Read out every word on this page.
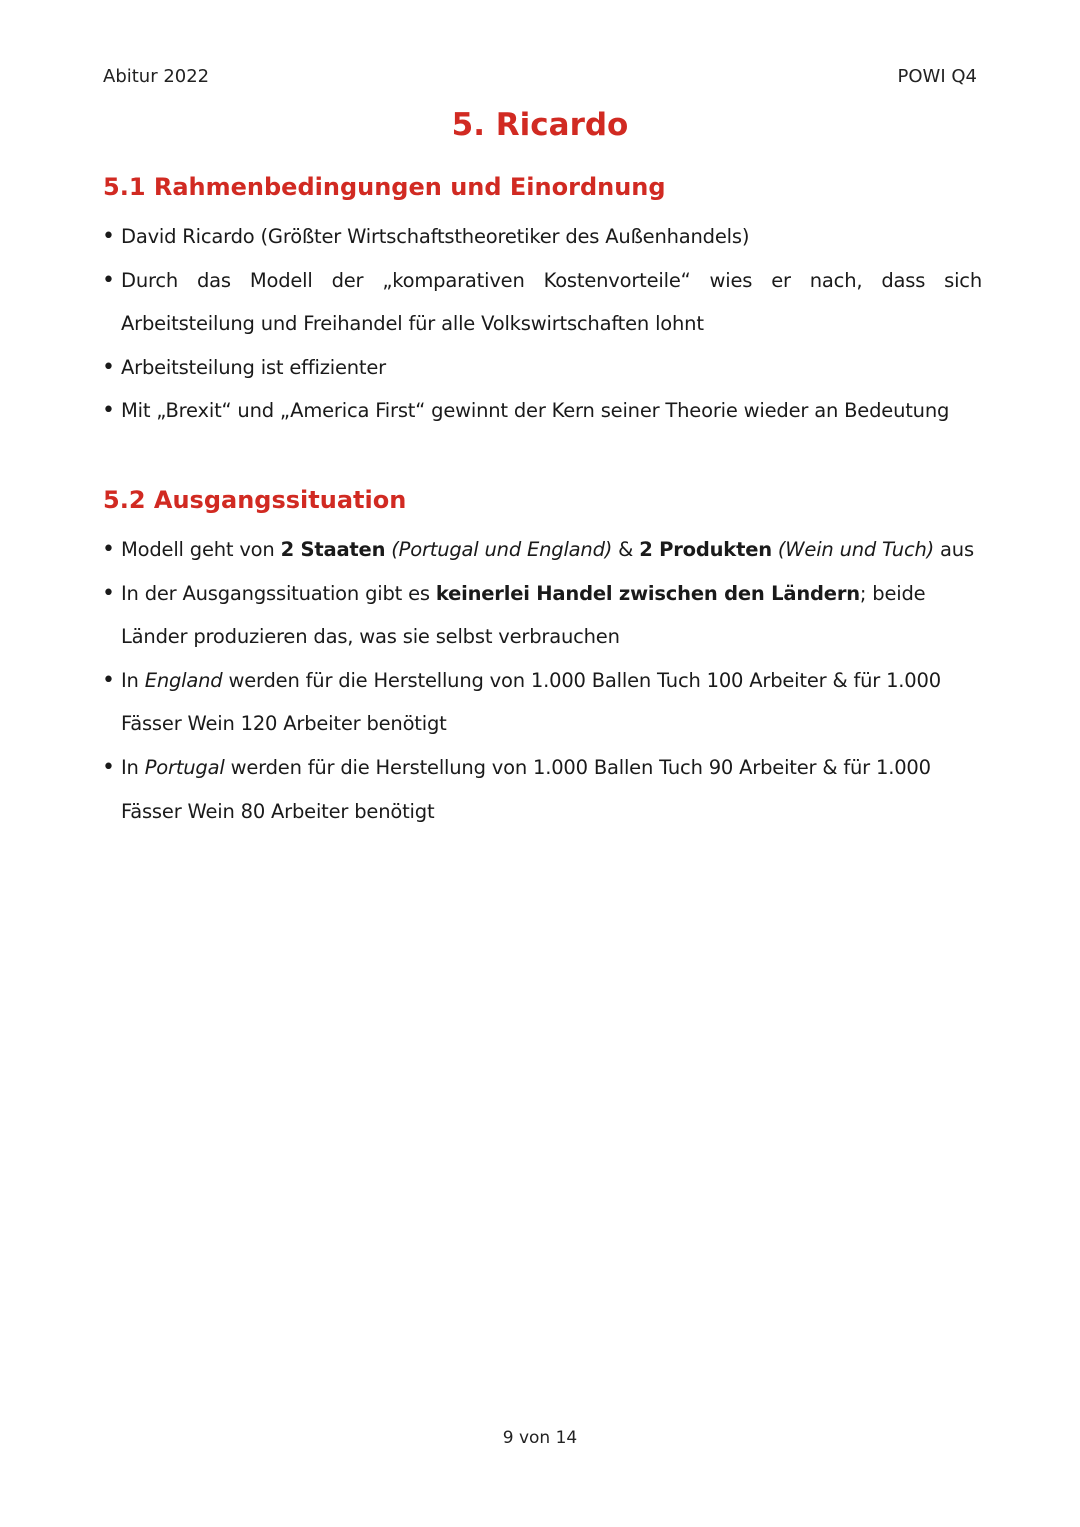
Abitur 2022	POWI Q4
5. Ricardo
5.1 Rahmenbedingungen und Einordnung
• David Ricardo (Größter Wirtschaftstheoretiker des Außenhandels)
• Durch das Modell der „komparativen Kostenvorteile“ wies er nach, dass sich Arbeitsteilung und Freihandel für alle Volkswirtschaften lohnt
• Arbeitsteilung ist effizienter
• Mit „Brexit“ und „America First“ gewinnt der Kern seiner Theorie wieder an Bedeutung
5.2 Ausgangssituation
• Modell geht von 2 Staaten (Portugal und England) & 2 Produkten (Wein und Tuch) aus
• In der Ausgangssituation gibt es keinerlei Handel zwischen den Ländern; beide Länder produzieren das, was sie selbst verbrauchen
• In England werden für die Herstellung von 1.000 Ballen Tuch 100 Arbeiter & für 1.000 Fässer Wein 120 Arbeiter benötigt
• In Portugal werden für die Herstellung von 1.000 Ballen Tuch 90 Arbeiter & für 1.000 Fässer Wein 80 Arbeiter benötigt
9 von 14
